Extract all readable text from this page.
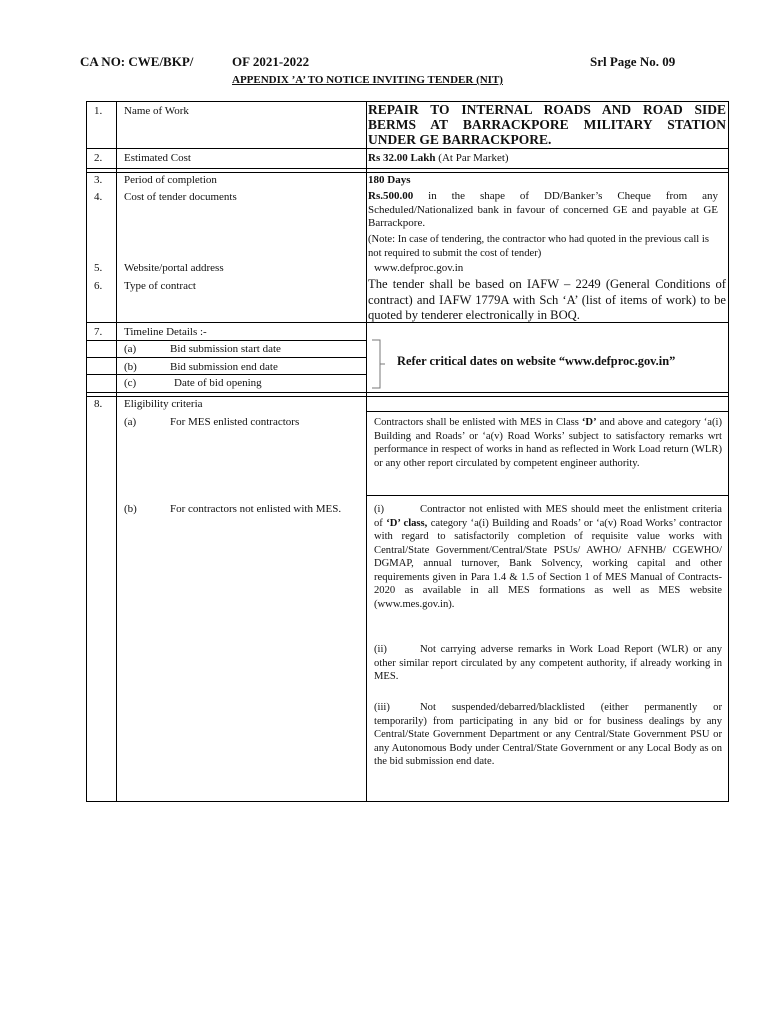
CA NO: CWE/BKP/	OF 2021-2022	Srl Page No. 09
APPENDIX ’A’ TO NOTICE INVITING TENDER (NIT)
1. Name of Work	REPAIR TO INTERNAL ROADS AND ROAD SIDE BERMS AT BARRACKPORE MILITARY STATION UNDER GE BARRACKPORE.
2. Estimated Cost	Rs 32.00 Lakh (At Par Market)
3. Period of completion	180 Days
4. Cost of tender documents	Rs.500.00 in the shape of DD/Banker’s Cheque from any Scheduled/Nationalized bank in favour of concerned GE and payable at GE Barrackpore.
(Note: In case of tendering, the contractor who had quoted in the previous call is not required to submit the cost of tender)
5. Website/portal address	www.defproc.gov.in
6. Type of contract	The tender shall be based on IAFW – 2249 (General Conditions of contract) and IAFW 1779A with Sch ‘A’ (list of items of work) to be quoted by tenderer electronically in BOQ.
7. Timeline Details :-
(a)	Bid submission start date
(b)	Bid submission end date
(c)	Date of bid opening
Refer critical dates on website “www.defproc.gov.in”
8. Eligibility criteria
(a)	For MES enlisted contractors	Contractors shall be enlisted with MES in Class ‘D’ and above and category ‘a(i) Building and Roads’ or ‘a(v) Road Works’ subject to satisfactory remarks wrt performance in respect of works in hand as reflected in Work Load return (WLR) or any other report circulated by competent engineer authority.
(b)	For contractors not enlisted with MES.	(i)	Contractor not enlisted with MES should meet the enlistment criteria of ‘D’ class, category ‘a(i) Building and Roads’ or ‘a(v) Road Works’ contractor with regard to satisfactorily completion of requisite value works with Central/State Government/Central/State PSUs/ AWHO/ AFNHB/ CGEWHO/ DGMAP, annual turnover, Bank Solvency, working capital and other requirements given in Para 1.4 & 1.5 of Section 1 of MES Manual of Contracts-2020 as available in all MES formations as well as MES website (www.mes.gov.in).
(ii)	Not carrying adverse remarks in Work Load Report (WLR) or any other similar report circulated by any competent authority, if already working in MES.
(iii)	Not suspended/debarred/blacklisted (either permanently or temporarily) from participating in any bid or for business dealings by any Central/State Government Department or any Central/State Government PSU or any Autonomous Body under Central/State Government or any Local Body as on the bid submission end date.
